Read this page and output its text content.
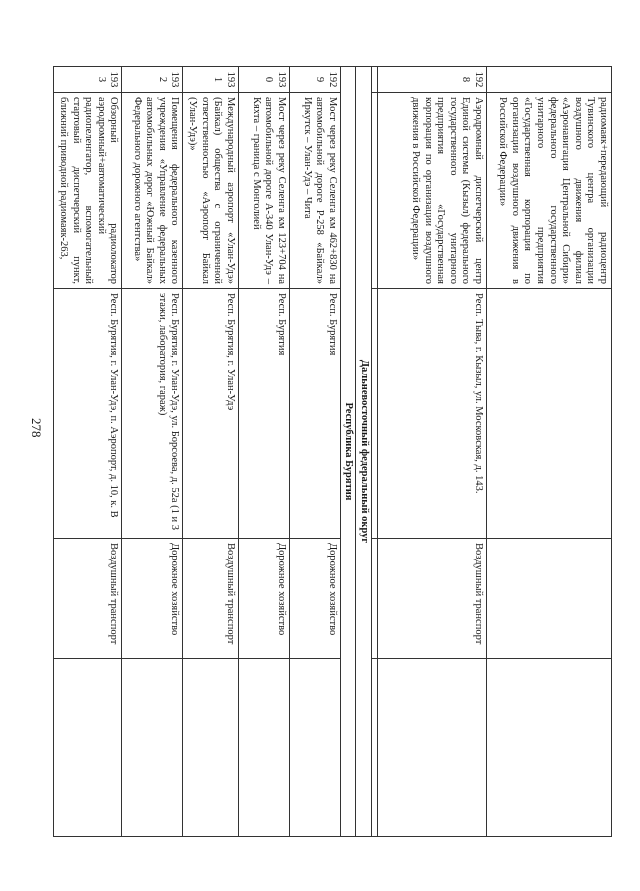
278
	радиомаяк+передающий радиоцентр Тувинского центра организации воздушного движения филиал «Аэронавигация Центральной Сибири» федерального государственного унитарного предприятия «Государственная корпорация по организации воздушного движения в Российской Федерации»			
1928	Аэродромный диспетчерский центр Единой системы (Кызыл) федерального государственного унитарного предприятия «Государственная корпорация по организации воздушного движения в Российской Федерации»	Респ. Тыва, г. Кызыл, ул. Московская, д. 143.	Воздушный транспорт	

Дальневосточный федеральный округ				
Республика Бурятия				
1929	Мост через реку Селенга км 462+830 на автомобильной дороге Р-258 «Байкал» Иркутск – Улан-Удэ – Чита	Респ. Бурятия	Дорожное хозяйство	
1930	Мост через реку Селенга км 123+704 на автомобильной дороге А-340 Улан-Удэ – Кяхта – граница с Монголией	Респ. Бурятия	Дорожное хозяйство	
1931	Международный аэропорт «Улан-Удэ» (Байкал) общества с ограниченной ответственностью «Аэропорт Байкал (Улан-Удэ)»	Респ. Бурятия, г. Улан-Удэ	Воздушный транспорт	
1932	Помещения федерального казенного учреждения «Управление федеральных автомобильных дорог «Южный Байкал» Федерального дорожного агентства»	Респ. Бурятия, г. Улан-Удэ, ул. Борсоева, д. 52а (1 и 3 этажи, лаборатория, гараж)	Дорожное хозяйство	
1933	Обзорный радиолокатор аэродромный+автоматический радиопеленгатор, вспомогательный стартовый диспетчерский пункт, ближний приводной радиомаяк-263,	Респ. Бурятия, г. Улан-Удэ, п. Аэропорт, д. 10, к. В	Воздушный транспорт	
